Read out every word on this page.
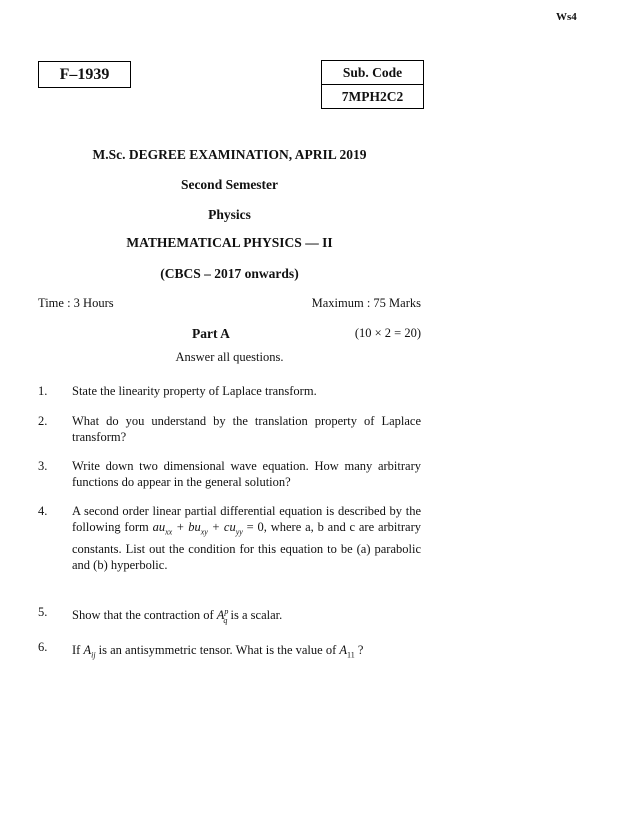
Ws4
F–1939	Sub. Code
7MPH2C2
M.Sc. DEGREE EXAMINATION, APRIL 2019
Second Semester
Physics
MATHEMATICAL PHYSICS — II
(CBCS – 2017 onwards)
Time : 3 Hours	Maximum : 75 Marks
Part A	(10 × 2 = 20)
Answer all questions.
1. State the linearity property of Laplace transform.
2. What do you understand by the translation property of Laplace transform?
3. Write down two dimensional wave equation. How many arbitrary functions do appear in the general solution?
4. A second order linear partial differential equation is described by the following form $au_{xx} + bu_{xy} + cu_{yy} = 0$, where a, b and c are arbitrary constants. List out the condition for this equation to be (a) parabolic and (b) hyperbolic.
5. Show that the contraction of $A^p_q$ is a scalar.
6. If $A_{ij}$ is an antisymmetric tensor. What is the value of $A_{11}$ ?
